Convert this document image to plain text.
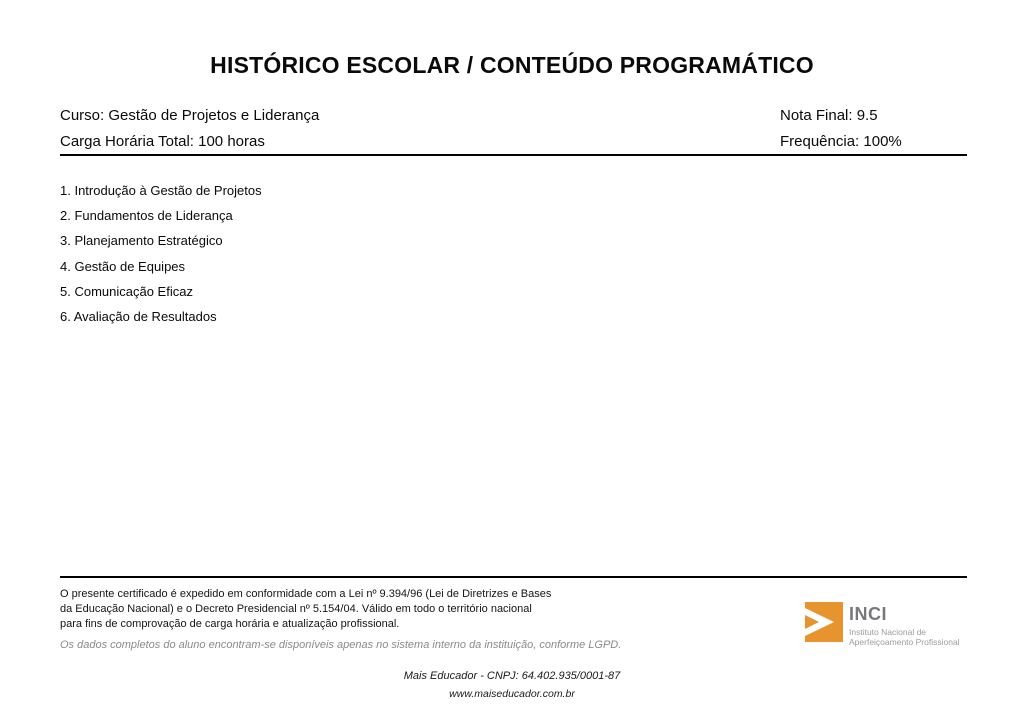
HISTÓRICO ESCOLAR / CONTEÚDO PROGRAMÁTICO
Curso: Gestão de Projetos e Liderança
Carga Horária Total: 100 horas
Nota Final: 9.5
Frequência: 100%
1. Introdução à Gestão de Projetos
2. Fundamentos de Liderança
3. Planejamento Estratégico
4. Gestão de Equipes
5. Comunicação Eficaz
6. Avaliação de Resultados
O presente certificado é expedido em conformidade com a Lei nº 9.394/96 (Lei de Diretrizes e Bases
da Educação Nacional) e o Decreto Presidencial nº 5.154/04. Válido em todo o território nacional
para fins de comprovação de carga horária e atualização profissional.
Os dados completos do aluno encontram-se disponíveis apenas no sistema interno da instituição, conforme LGPD.
INCI
Instituto Nacional de
Aperfeiçoamento Profissional
Mais Educador - CNPJ: 64.402.935/0001-87
www.maiseducador.com.br
